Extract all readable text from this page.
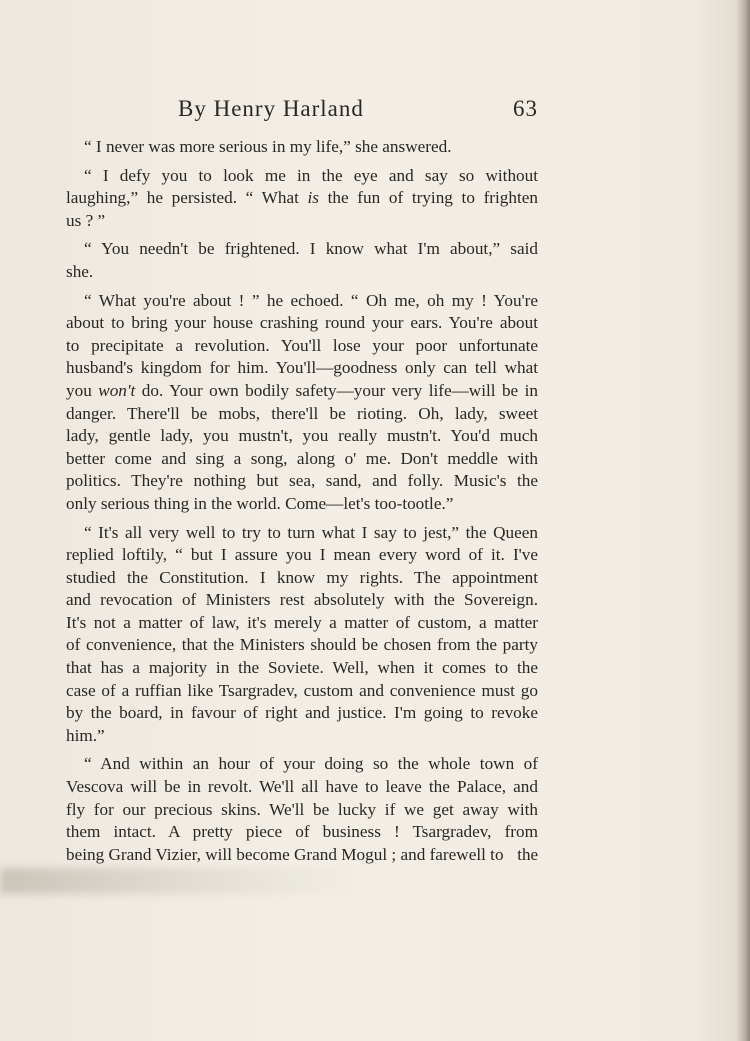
By Henry Harland	63

“ I never was more serious in my life,” she answered.

“ I defy you to look me in the eye and say so without
laughing,” he persisted. “ What is the fun of trying to frighten
us ? ”

“ You needn't be frightened. I know what I'm about,” said
she.

“ What you're about ! ” he echoed. “ Oh me, oh my ! You're
about to bring your house crashing round your ears. You're about
to precipitate a revolution. You'll lose your poor unfortunate
husband's kingdom for him. You'll—goodness only can tell what
you won't do. Your own bodily safety—your very life—will be in
danger. There'll be mobs, there'll be rioting. Oh, lady, sweet
lady, gentle lady, you mustn't, you really mustn't. You'd much
better come and sing a song, along o' me. Don't meddle with
politics. They're nothing but sea, sand, and folly. Music's the
only serious thing in the world. Come—let's too-tootle.”

“ It's all very well to try to turn what I say to jest,” the Queen
replied loftily, “ but I assure you I mean every word of it. I've
studied the Constitution. I know my rights. The appointment
and revocation of Ministers rest absolutely with the Sovereign.
It's not a matter of law, it's merely a matter of custom, a matter
of convenience, that the Ministers should be chosen from the party
that has a majority in the Soviete. Well, when it comes to the
case of a ruffian like Tsargradev, custom and convenience must go
by the board, in favour of right and justice. I'm going to revoke
him.”

“ And within an hour of your doing so the whole town of
Vescova will be in revolt. We'll all have to leave the Palace, and
fly for our precious skins. We'll be lucky if we get away with
them intact. A pretty piece of business ! Tsargradev, from
being Grand Vizier, will become Grand Mogul ; and farewell to the
